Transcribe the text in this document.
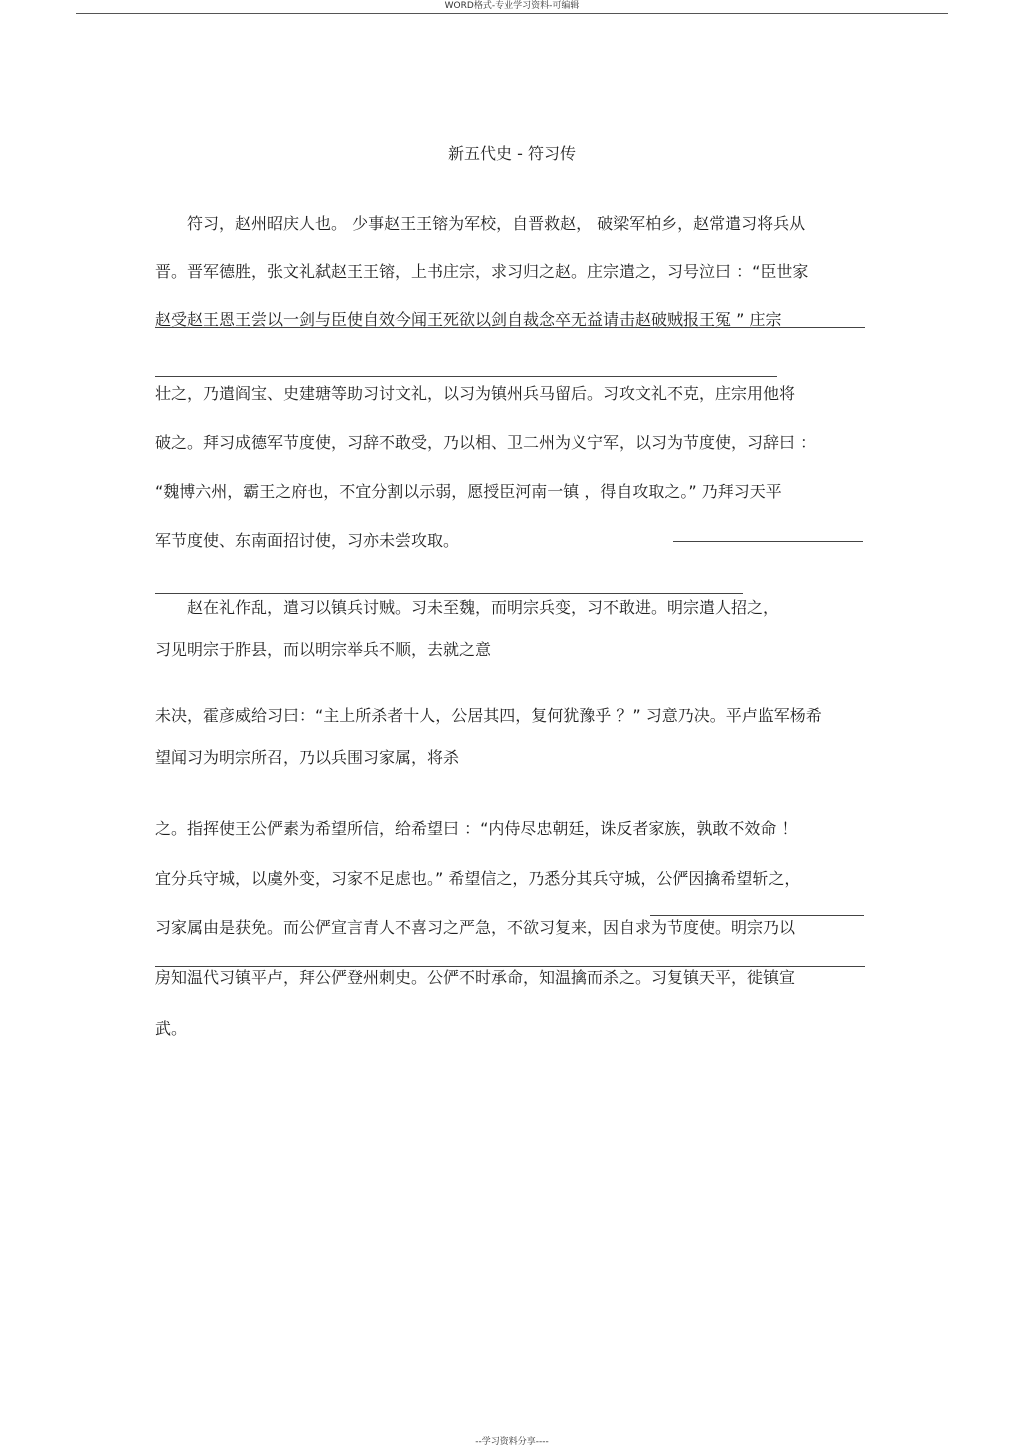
WORD格式-专业学习资料-可编辑
新五代史 - 符习传
　　符习，赵州昭庆人也。 少事赵王王镕为军校，自晋救赵， 破梁军柏乡，赵常遣习将兵从
晋。晋军德胜，张文礼弑赵王王镕，上书庄宗，求习归之赵。庄宗遣之，习号泣曰 ：“臣世家
赵受赵王恩王尝以一剑与臣使自效今闻王死欲以剑自裁念卒无益请击赵破贼报王冤 ” 庄宗
壮之，乃遣阎宝、史建瑭等助习讨文礼，以习为镇州兵马留后。习攻文礼不克，庄宗用他将
破之。拜习成德军节度使，习辞不敢受，乃以相、卫二州为义宁军，以习为节度使，习辞曰 ：
“魏博六州，霸王之府也，不宜分割以示弱，愿授臣河南一镇 ，得自攻取之。” 乃拜习天平
军节度使、东南面招讨使，习亦未尝攻取。
　　赵在礼作乱，遣习以镇兵讨贼。习未至魏，而明宗兵变，习不敢进。明宗遣人招之，
习见明宗于胙县，而以明宗举兵不顺，去就之意
未决，霍彦威给习曰：“主上所杀者十人，公居其四，复何犹豫乎 ？” 习意乃决。平卢监军杨希
望闻习为明宗所召，乃以兵围习家属，将杀
之。指挥使王公俨素为希望所信，给希望曰 ：“内侍尽忠朝廷，诛反者家族，孰敢不效命 ！
宜分兵守城，以虞外变，习家不足虑也。” 希望信之，乃悉分其兵守城，公俨因擒希望斩之，
习家属由是获免。而公俨宣言青人不喜习之严急，不欲习复来，因自求为节度使。明宗乃以
房知温代习镇平卢，拜公俨登州刺史。公俨不时承命，知温擒而杀之。习复镇天平，徙镇宣
武。
--学习资料分享----
